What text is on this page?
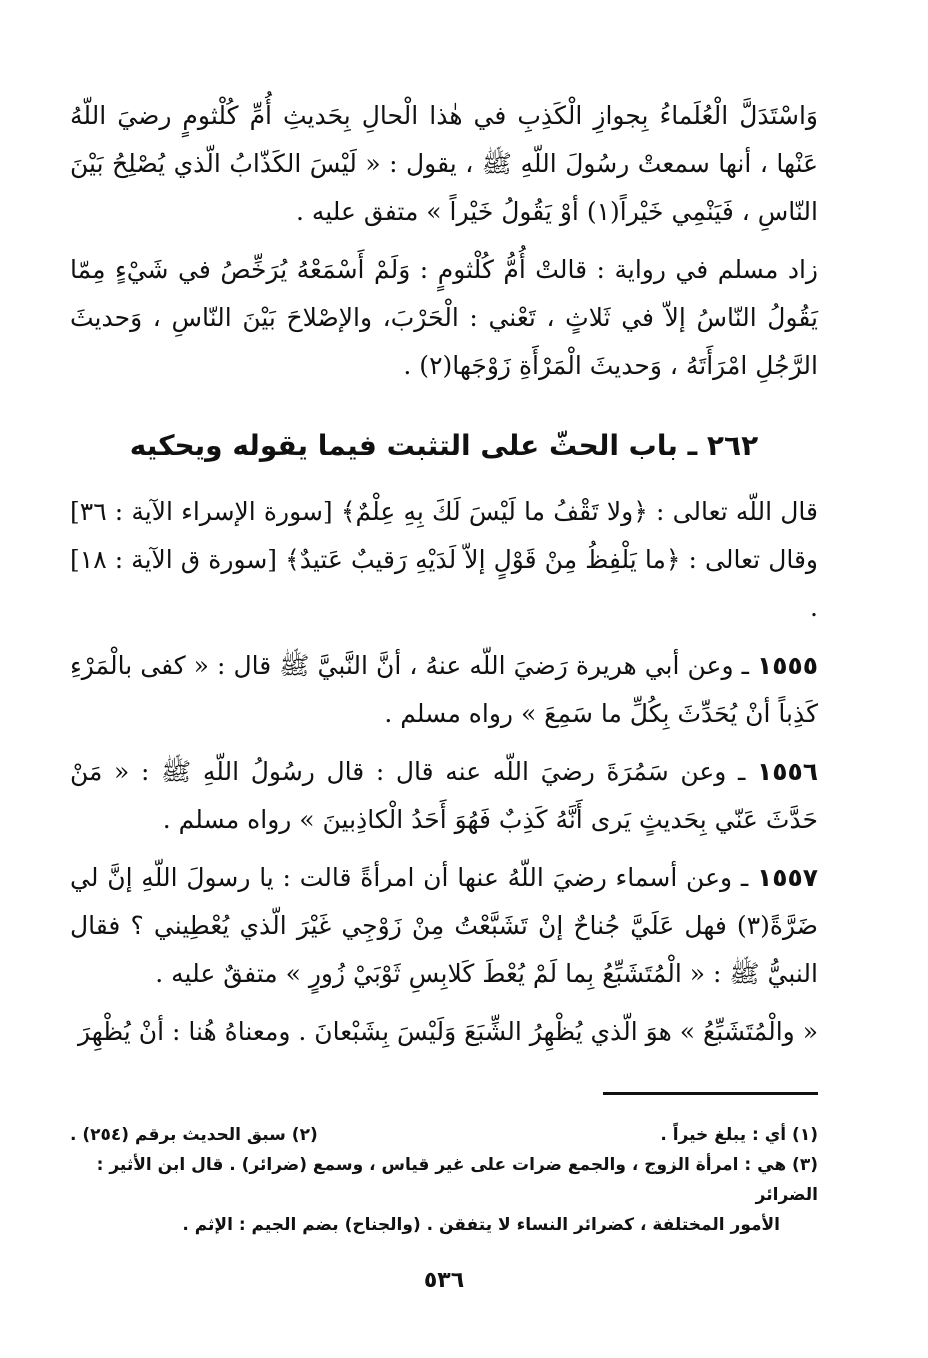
وَاسْتَدَلَّ الْعُلَماءُ بِجوازِ الْكَذِبِ في هٰذا الْحالِ بِحَديثِ أُمِّ كُلْثومٍ رضيَ اللّهُ عَنْها ، أنها سمعتْ رسُولَ اللّهِ ﷺ ، يقول : « لَيْسَ الكَذّابُ الّذي يُصْلِحُ بَيْنَ النّاسِ ، فَيَنْمِي خَيْراً(١) أوْ يَقُولُ خَيْراً » متفق عليه .

زاد مسلم في رواية : قالتْ أُمُّ كُلْثومٍ : وَلَمْ أَسْمَعْهُ يُرَخِّصُ في شَيْءٍ مِمّا يَقُولُ النّاسُ إلاّ في ثَلاثٍ ، تَعْني : الْحَرْبَ، والإصْلاحَ بَيْنَ النّاسِ ، وَحديثَ الرَّجُلِ امْرَأَتَهُ ، وَحديثَ الْمَرْأَةِ زَوْجَها(٢) .

٢٦٢ ـ باب الحثّ على التثبت فيما يقوله ويحكيه

قال اللّه تعالى : ﴿ولا تَقْفُ ما لَيْسَ لَكَ بِهِ عِلْمٌ﴾ [سورة الإسراء الآية : ٣٦] وقال تعالى : ﴿ما يَلْفِظُ مِنْ قَوْلٍ إلاّ لَدَيْهِ رَقيبٌ عَتيدٌ﴾ [سورة ق الآية : ١٨] .

١٥٥٥ ـ وعن أبي هريرة رَضيَ اللّه عنهُ ، أنَّ النَّبيَّ ﷺ قال : « كفى بالْمَرْءِ كَذِباً أنْ يُحَدِّثَ بِكُلِّ ما سَمِعَ » رواه مسلم .

١٥٥٦ ـ وعن سَمُرَةَ رضيَ اللّه عنه قال : قال رسُولُ اللّهِ ﷺ : « مَنْ حَدَّثَ عَنّي بِحَديثٍ يَرى أَنَّهُ كَذِبٌ فَهُوَ أَحَدُ الْكاذِبينَ » رواه مسلم .

١٥٥٧ ـ وعن أسماء رضيَ اللّهُ عنها أن امرأةً قالت : يا رسولَ اللّهِ إنَّ لي ضَرَّةً(٣) فهل عَلَيَّ جُناحٌ إنْ تَشَبَّعْتُ مِنْ زَوْجِي غَيْرَ الّذي يُعْطِيني ؟ فقال النبيُّ ﷺ : « الْمُتَشَبِّعُ بِما لَمْ يُعْطَ كَلابِسِ ثَوْبَيْ زُورٍ » متفقٌ عليه .

« والْمُتَشَبِّعُ » هوَ الّذي يُظْهِرُ الشِّبَعَ وَلَيْسَ بِشَبْعانَ . ومعناهُ هُنا : أنْ يُظْهِرَ

(١) أي : يبلغ خيراً .
(٢) سبق الحديث برقم (٢٥٤) .
(٣) هي : امرأة الزوج ، والجمع ضرات على غير قياس ، وسمع (ضرائر) . قال ابن الأثير : الضرائر
الأمور المختلفة ، كضرائر النساء لا يتفقن . (والجناح) بضم الجيم : الإثم .
٥٣٦
